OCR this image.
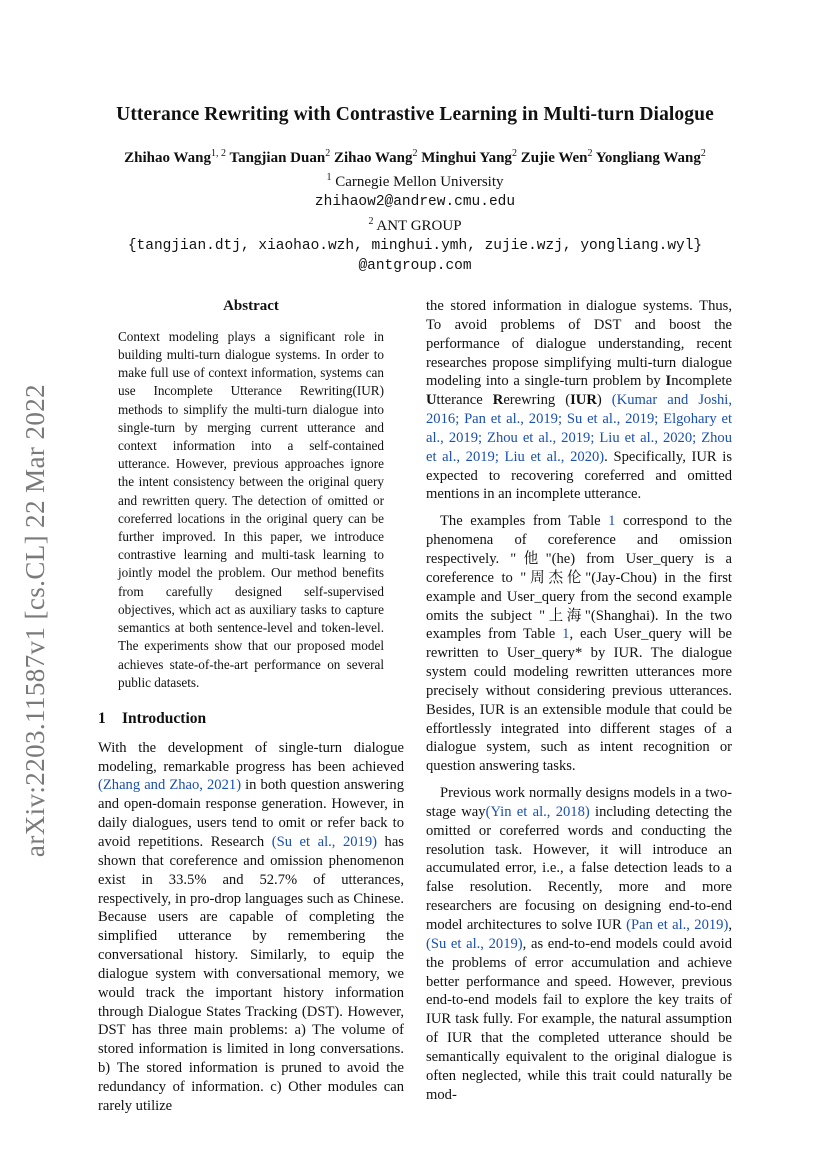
arXiv:2203.11587v1 [cs.CL] 22 Mar 2022
Utterance Rewriting with Contrastive Learning in Multi-turn Dialogue
Zhihao Wang$^{1, 2}$ Tangjian Duan$^2$ Zihao Wang$^2$ Minghui Yang$^2$ Zujie Wen$^2$ Yongliang Wang$^2$
$^1$ Carnegie Mellon University
zhihaow2@andrew.cmu.edu
$^2$ ANT GROUP
{tangjian.dtj, xiaohao.wzh, minghui.ymh, zujie.wzj, yongliang.wyl}
@antgroup.com
Abstract
Context modeling plays a significant role in building multi-turn dialogue systems. In order to make full use of context information, systems can use Incomplete Utterance Rewriting(IUR) methods to simplify the multi-turn dialogue into single-turn by merging current utterance and context information into a self-contained utterance. However, previous approaches ignore the intent consistency between the original query and rewritten query. The detection of omitted or coreferred locations in the original query can be further improved. In this paper, we introduce contrastive learning and multi-task learning to jointly model the problem. Our method benefits from carefully designed self-supervised objectives, which act as auxiliary tasks to capture semantics at both sentence-level and token-level. The experiments show that our proposed model achieves state-of-the-art performance on several public datasets.
1 Introduction

With the development of single-turn dialogue modeling, remarkable progress has been achieved (Zhang and Zhao, 2021) in both question answering and open-domain response generation. However, in daily dialogues, users tend to omit or refer back to avoid repetitions. Research (Su et al., 2019) has shown that coreference and omission phenomenon exist in 33.5% and 52.7% of utterances, respectively, in pro-drop languages such as Chinese. Because users are capable of completing the simplified utterance by remembering the conversational history. Similarly, to equip the dialogue system with conversational memory, we would track the important history information through Dialogue States Tracking (DST). However, DST has three main problems: a) The volume of stored information is limited in long conversations. b) The stored information is pruned to avoid the redundancy of information. c) Other modules can rarely utilize

the stored information in dialogue systems. Thus, To avoid problems of DST and boost the performance of dialogue understanding, recent researches propose simplifying multi-turn dialogue modeling into a single-turn problem by Incomplete Utterance Rerewring (IUR) (Kumar and Joshi, 2016; Pan et al., 2019; Su et al., 2019; Elgohary et al., 2019; Zhou et al., 2019; Liu et al., 2020; Zhou et al., 2019; Liu et al., 2020). Specifically, IUR is expected to recovering coreferred and omitted mentions in an incomplete utterance.

The examples from Table 1 correspond to the phenomena of coreference and omission respectively. "他"(he) from User_query is a coreference to "周杰伦"(Jay-Chou) in the first example and User_query from the second example omits the subject "上海"(Shanghai). In the two examples from Table 1, each User_query will be rewritten to User_query* by IUR. The dialogue system could modeling rewritten utterances more precisely without considering previous utterances. Besides, IUR is an extensible module that could be effortlessly integrated into different stages of a dialogue system, such as intent recognition or question answering tasks.

Previous work normally designs models in a two-stage way(Yin et al., 2018) including detecting the omitted or coreferred words and conducting the resolution task. However, it will introduce an accumulated error, i.e., a false detection leads to a false resolution. Recently, more and more researchers are focusing on designing end-to-end model architectures to solve IUR (Pan et al., 2019), (Su et al., 2019), as end-to-end models could avoid the problems of error accumulation and achieve better performance and speed. However, previous end-to-end models fail to explore the key traits of IUR task fully. For example, the natural assumption of IUR that the completed utterance should be semantically equivalent to the original dialogue is often neglected, while this trait could naturally be mod-
